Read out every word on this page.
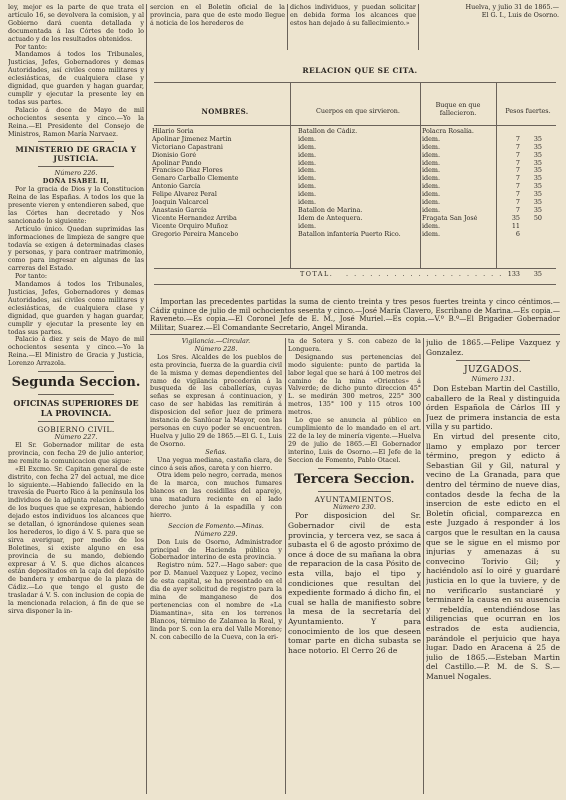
ley, mejor es la parte de que trata el artículo 16, se devolvera la comision, y al Gobierno dará cuenta detallada y documentada á las Córtes de todo lo actuado y de los resultados obtenidos.

Por tanto:

Mandamos á todos los Tribunales, Justicias, Jefes, Gobernadores y demas Autoridades, así civiles como militares y eclesiásticas, de cualquiera clase y dignidad, que guarden y hagan guardar, cumplir y ejecutar la presente ley en todas sus partes.

Palacio á doce de Mayo de mil ochocientos sesenta y cinco.—Yo la Reina.—El Presidente del Consejo de Ministros, Ramon María Narvaez.

MINISTERIO DE GRACIA Y JUSTICIA.

Número 226.

DOÑA ISABEL II,

Por la gracia de Dios y la Constitucion Reina de las Españas. A todos los que la presente vieren y entendieren sabed, que las Córtes han decretado y Nos sancionado lo siguiente:

Artículo único. Quedan suprimidas las informaciones de limpieza de sangre que todavía se exigen á determinadas clases y personas, y para contraer matrimonio, como para ingresar en algunas de las carreras del Estado.

Por tanto:

Mandamos á todos los Tribunales, Justicias, Jefes, Gobernadores y demas Autoridades, así civiles como militares y eclesiásticas, de cualquiera clase y dignidad, que guarden y hagan guardar, cumplir y ejecutar la presente ley en todas sus partes.

Palacio á diez y seis de Mayo de mil ochocientos sesenta y cinco.—Yo la Reina.—El Ministro de Gracia y Justicia, Lorenzo Arrazola.

Segunda Seccion.

OFICINAS SUPERIORES DE LA PROVINCIA.

GOBIERNO CIVIL.

Número 227.

El Sr. Gobernador militar de esta provincia, con fecha 29 de julio anterior, me remite la comunicacion que sigue:

«El Excmo. Sr. Capitan general de este distrito, con fecha 27 del actual, me dice lo siguiente.—Habiendo fallecido en la travesía de Puerto Rico á la península los individuos de la adjunta relacion á bordo de los buques que se expresan, habiendo dejado estos individuos los alcances que se detallan, ó ignorándose quienes sean los herederos, lo digo á V. S. para que se sirva averiguar, por medio de los Boletines, si existe alguno en esa provincia de su mando, debiendo expresar á V. S. que dichos alcances están depositados en la caja del depósito de bandera y embarque de la plaza de Cádiz.—Lo que tengo el gusto de trasladar á V. S. con inclusion de copia de la mencionada relacion, á fin de que se sirva disponer la in-

sercion en el Boletín oficial de la provincia, para que de este modo llegue á noticia de los herederos de

dichos individuos, y puedan solicitar en debida forma los alcances que estos han dejado á su fallecimiento.»

Huelva, y julio 31 de 1865.—

El G. I., Luis de Osorno.

RELACION QUE SE CITA.
NOMBRES.	Cuerpos en que sirvieron.
Buque en que fallecieron.	Pesos fuertes.
Hilario Soria	Batallon de Cádiz.	Polacra Rosalía.
Apolinar Jimenez Martin	idem.	idem.	7	35
Victoriano Capastrani	idem.	idem.	7	35
Dionisio Goré	idem.	idem.	7	35
Apolinar Pando	idem.	idem.	7	35
Francisco Diaz Flores	idem.	idem.	7	35
Genaro Carballo Clemente	idem.	idem.	7	35
Antonio García	idem.	idem.	7	35
Felipe Alvarez Peral	idem.	idem.	7	35
Joaquin Valcarcel	idem.	idem.	7	35
Anastasio García	Batallon de Marina.	idem.	7	35
Vicente Hernandez Arriba	Idem de Antequera.	Fragata San José	35	50
Vicente Orquiro Muñoz	idem.	idem.	11
Gregorio Pereira Mancebo	Batallon infantería Puerto Rico.	idem.	6
TOTAL. . . . . . . . . . . . . . . . . . . . . 133	35

Importan las precedentes partidas la suma de ciento treinta y tres pesos fuertes treinta y cinco céntimos.—Cádiz quince de julio de mil ochocientos sesenta y cinco.—José María Clavero, Escribano de Marina.—Es copia.—Raveneto.—Es copia.—El Coronel Jefe de E. M., José Muriel.—Es copia.—V.º B.º—El Brigadier Gobernador Militar, Suarez.—El Comandante Secretario, Angel Miranda.

Vigilancia.—Circular.

Número 228.

Los Sres. Alcaldes de los pueblos de esta provincia, fuerza de la guardia civil de la misma y demas dependientes del ramo de vigilancia procederán á la busqueda de las caballerías, cuyas señas se expresan á continuacion, y caso de ser habidas las remitirán á disposicion del señor juez de primera instancia de Sanlúcar la Mayor, con las personas en cuyo poder se encuentren. Huelva y julio 29 de 1865.—El G. I., Luis de Osorno.

Señas.

Una yegua mediana, castaña clara, de cinco á seis años, careta y con hierro.

Otra idem pelo negro, cerrada, menos de la marca, con muchos fumares blancos en las cosidillas del aparejo, una matadura reciente en el lado derecho junto á la espadilla y con hierro.

Seccion de Fomento.—Minas.

Número 229.

Don Luis de Osorno, Administrador principal de Hacienda pública y Gobernador interino de esta provincia.

Registro núm. 527.—Hago saber: que por D. Manuel Vazquez y Lopez, vecino de esta capital, se ha presentado en el dia de ayer solicitud de registro para la mina de manganeso de dos pertenencias con el nombre de «La Diamantina», sita en los terrenos Blancos, término de Zalamea la Real, y linda por S. con la era del Valle Moreno; N. con cabecillo de la Cueva, con la eri-

ta de Sotera y S. con cabezo de la Longuera.

Designando sus pertenencias del modo siguiente: punto de partida la labor legal que se hará á 100 metros del camino de la mina «Orientes» á Valverde; de dicho punto direccion 45° L. se medirán 300 metros, 225° 300 metros, 135° 100 y 115 otros 100 metros.

Lo que se anuncia al público en cumplimiento de lo mandado en el art. 22 de la ley de minería vigente.—Huelva 29 de julio de 1865.—El Gobernador interino, Luis de Osorno.—El Jefe de la Seccion de Fomento, Pablo Otacel.

Tercera Seccion.

AYUNTAMIENTOS.

Número 230.

Por disposicion del Sr. Gobernador civil de esta provincia, y tercera vez, se saca á subasta el 6 de agosto próximo de once á doce de su mañana la obra de reparacion de la casa Pósito de esta villa, bajo el tipo y condiciones que resultan del expediente formado á dicho fin, el cual se halla de manifiesto sobre la mesa de la secretaría del Ayuntamiento. Y para conocimiento de los que deseen tomar parte en dicha subasta se hace notorio. El Cerro 26 de

julio de 1865.—Felipe Vazquez y Gonzalez.

JUZGADOS.

Número 131.

Don Esteban Martin del Castillo, caballero de la Real y distinguida órden Española de Cárlos III y Juez de primera instancia de esta villa y su partido.

En virtud del presente cito, llamo y emplazo por tercer término, pregon y edicto á Sebastian Gil y Gil, natural y vecino de La Granada, para que dentro del término de nueve dias, contados desde la fecha de la insercion de este edicto en el Boletín oficial, comparezca en este Juzgado á responder á los cargos que le resultan en la causa que se le sigue en el mismo por injurias y amenazas á su convecino Torivio Gil; y haciéndolo así lo oiré y guardaré justicia en lo que la tuviere, y de no verificarlo sustanciaré y terminaré la causa en su ausencia y rebeldía, entendiéndose las diligencias que ocurran en los estrados de esta audiencia, parándole el perjuicio que haya lugar. Dado en Aracena á 25 de julio de 1865.—Esteban Martin del Castillo.—P. M. de S. S.—Manuel Nogales.
